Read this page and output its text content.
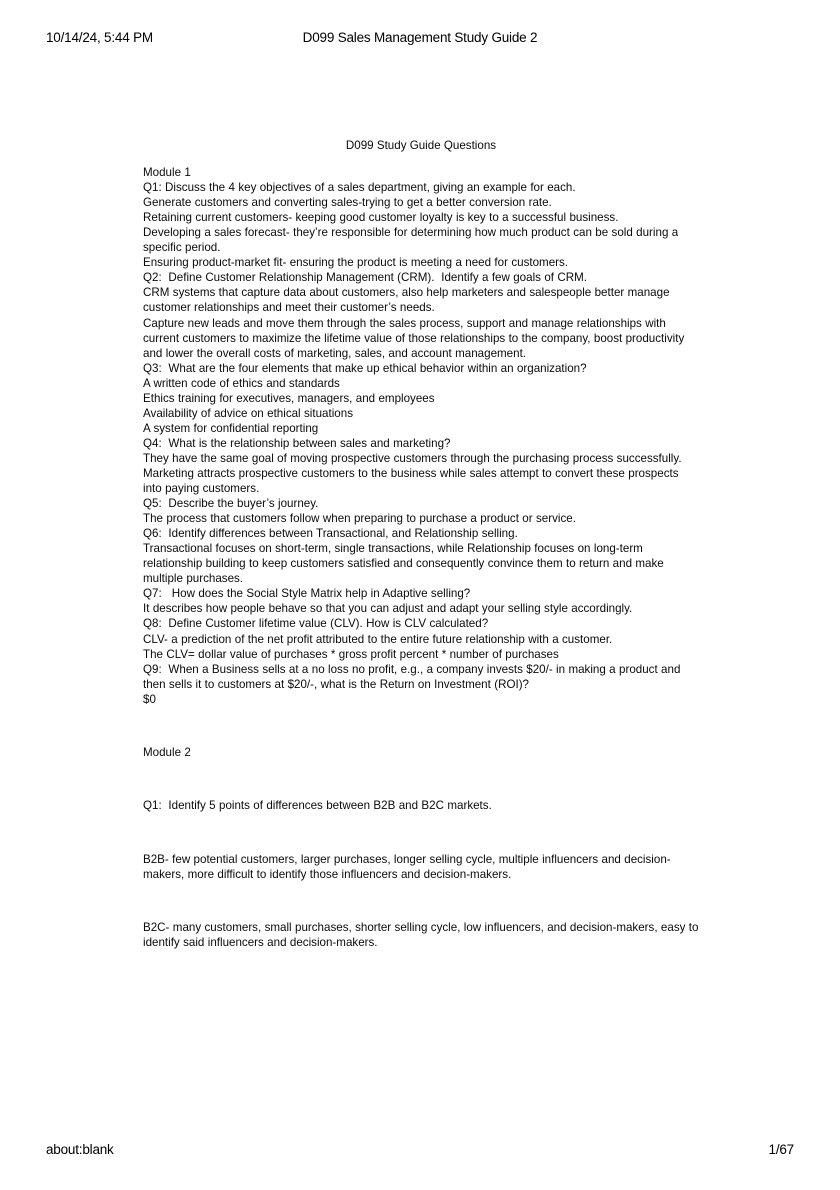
10/14/24, 5:44 PM	D099 Sales Management Study Guide 2

D099 Study Guide Questions

Module 1

Q1: Discuss the 4 key objectives of a sales department, giving an example for each.

Generate customers and converting sales-trying to get a better conversion rate.

Retaining current customers- keeping good customer loyalty is key to a successful business.

Developing a sales forecast- they’re responsible for determining how much product can be sold during a specific period.

Ensuring product-market fit- ensuring the product is meeting a need for customers.

Q2:  Define Customer Relationship Management (CRM).  Identify a few goals of CRM.

CRM systems that capture data about customers, also help marketers and salespeople better manage customer relationships and meet their customer’s needs.

Capture new leads and move them through the sales process, support and manage relationships with current customers to maximize the lifetime value of those relationships to the company, boost productivity and lower the overall costs of marketing, sales, and account management.

Q3:  What are the four elements that make up ethical behavior within an organization?

A written code of ethics and standards

Ethics training for executives, managers, and employees

Availability of advice on ethical situations

A system for confidential reporting

Q4:  What is the relationship between sales and marketing?

They have the same goal of moving prospective customers through the purchasing process successfully. Marketing attracts prospective customers to the business while sales attempt to convert these prospects into paying customers.

Q5:  Describe the buyer’s journey.

The process that customers follow when preparing to purchase a product or service.

Q6:  Identify differences between Transactional, and Relationship selling.

Transactional focuses on short-term, single transactions, while Relationship focuses on long-term relationship building to keep customers satisfied and consequently convince them to return and make multiple purchases.

Q7:   How does the Social Style Matrix help in Adaptive selling?

It describes how people behave so that you can adjust and adapt your selling style accordingly.

Q8:  Define Customer lifetime value (CLV). How is CLV calculated?

CLV- a prediction of the net profit attributed to the entire future relationship with a customer.

The CLV= dollar value of purchases * gross profit percent * number of purchases

Q9:  When a Business sells at a no loss no profit, e.g., a company invests $20/- in making a product and then sells it to customers at $20/-, what is the Return on Investment (ROI)?

$0

Module 2

Q1:  Identify 5 points of differences between B2B and B2C markets.

B2B- few potential customers, larger purchases, longer selling cycle, multiple influencers and decision-makers, more difficult to identify those influencers and decision-makers.

B2C- many customers, small purchases, shorter selling cycle, low influencers, and decision-makers, easy to identify said influencers and decision-makers.

about:blank	1/67
